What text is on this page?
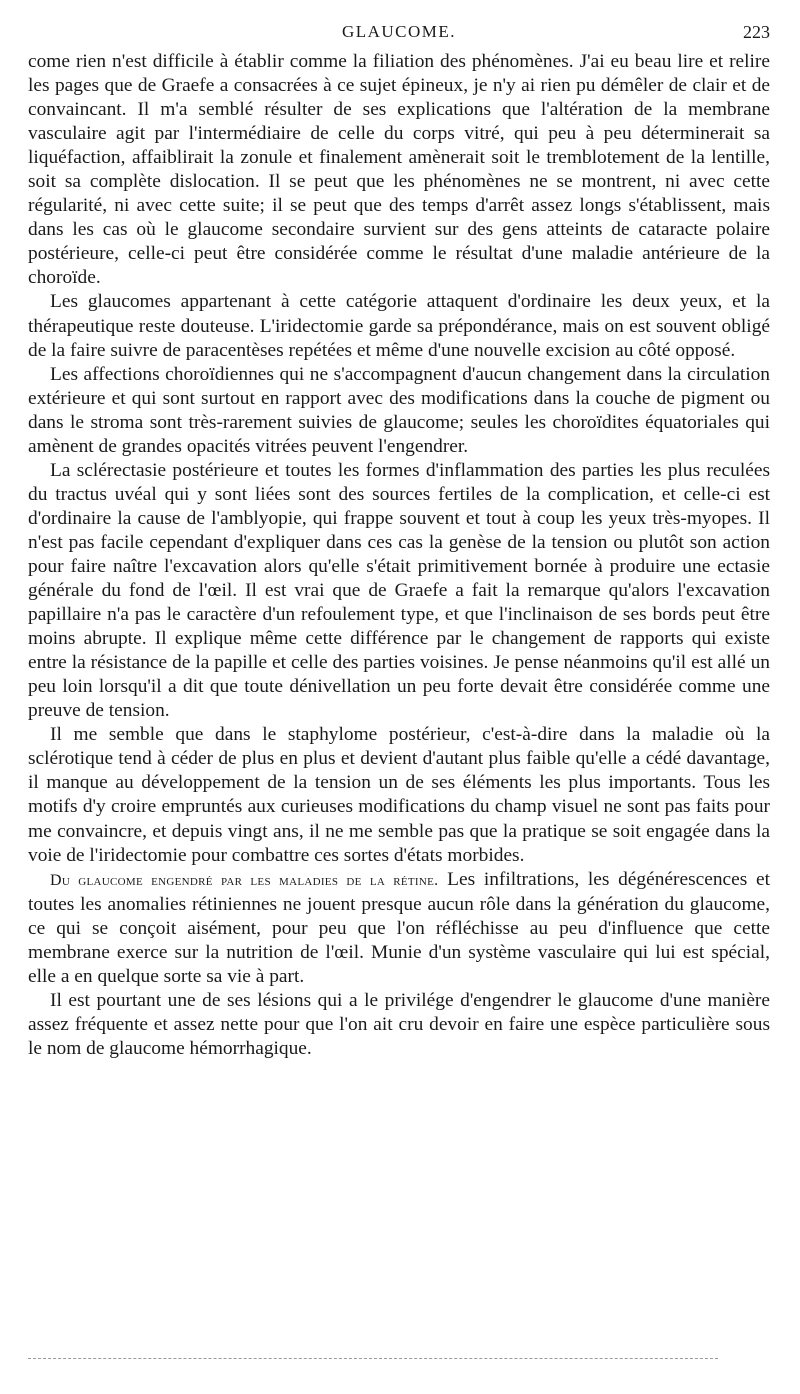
GLAUCOME.	223

come rien n'est difficile à établir comme la filiation des phénomènes. J'ai eu beau lire et relire les pages que de Graefe a consacrées à ce sujet épineux, je n'y ai rien pu démêler de clair et de convaincant. Il m'a semblé résulter de ses explications que l'altération de la membrane vasculaire agit par l'intermédiaire de celle du corps vitré, qui peu à peu déterminerait sa liquéfaction, affaiblirait la zonule et finalement amènerait soit le tremblotement de la lentille, soit sa complète dislocation. Il se peut que les phénomènes ne se montrent, ni avec cette régularité, ni avec cette suite; il se peut que des temps d'arrêt assez longs s'établissent, mais dans les cas où le glaucome secondaire survient sur des gens atteints de cataracte polaire postérieure, celle-ci peut être considérée comme le résultat d'une maladie antérieure de la choroïde.

Les glaucomes appartenant à cette catégorie attaquent d'ordinaire les deux yeux, et la thérapeutique reste douteuse. L'iridectomie garde sa prépondérance, mais on est souvent obligé de la faire suivre de paracentèses repétées et même d'une nouvelle excision au côté opposé.

Les affections choroïdiennes qui ne s'accompagnent d'aucun changement dans la circulation extérieure et qui sont surtout en rapport avec des modifications dans la couche de pigment ou dans le stroma sont très-rarement suivies de glaucome; seules les choroïdites équatoriales qui amènent de grandes opacités vitrées peuvent l'engendrer.

La sclérectasie postérieure et toutes les formes d'inflammation des parties les plus reculées du tractus uvéal qui y sont liées sont des sources fertiles de la complication, et celle-ci est d'ordinaire la cause de l'amblyopie, qui frappe souvent et tout à coup les yeux très-myopes. Il n'est pas facile cependant d'expliquer dans ces cas la genèse de la tension ou plutôt son action pour faire naître l'excavation alors qu'elle s'était primitivement bornée à produire une ectasie générale du fond de l'œil. Il est vrai que de Graefe a fait la remarque qu'alors l'excavation papillaire n'a pas le caractère d'un refoulement type, et que l'inclinaison de ses bords peut être moins abrupte. Il explique même cette différence par le changement de rapports qui existe entre la résistance de la papille et celle des parties voisines. Je pense néanmoins qu'il est allé un peu loin lorsqu'il a dit que toute dénivellation un peu forte devait être considérée comme une preuve de tension.

Il me semble que dans le staphylome postérieur, c'est-à-dire dans la maladie où la sclérotique tend à céder de plus en plus et devient d'autant plus faible qu'elle a cédé davantage, il manque au développement de la tension un de ses éléments les plus importants. Tous les motifs d'y croire empruntés aux curieuses modifications du champ visuel ne sont pas faits pour me convaincre, et depuis vingt ans, il ne me semble pas que la pratique se soit engagée dans la voie de l'iridectomie pour combattre ces sortes d'états morbides.

Du glaucome engendré par les maladies de la rétine. Les infiltrations, les dégénérescences et toutes les anomalies rétiniennes ne jouent presque aucun rôle dans la génération du glaucome, ce qui se conçoit aisément, pour peu que l'on réfléchisse au peu d'influence que cette membrane exerce sur la nutrition de l'œil. Munie d'un système vasculaire qui lui est spécial, elle a en quelque sorte sa vie à part.

Il est pourtant une de ses lésions qui a le privilége d'engendrer le glaucome d'une manière assez fréquente et assez nette pour que l'on ait cru devoir en faire une espèce particulière sous le nom de glaucome hémorrhagique.
